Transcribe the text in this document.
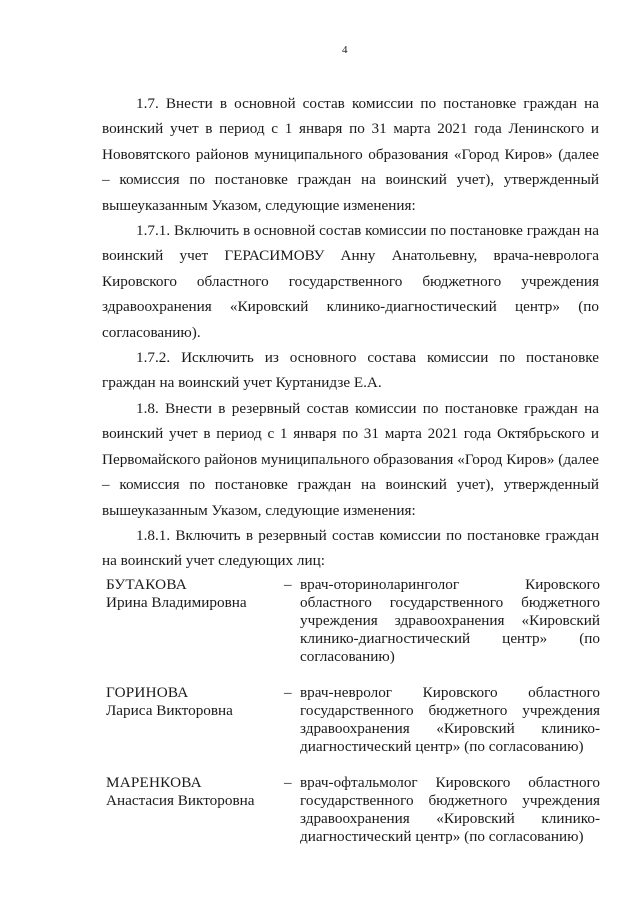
4

1.7. Внести в основной состав комиссии по постановке граждан на воинский учет в период с 1 января по 31 марта 2021 года Ленинского и Нововятского районов муниципального образования «Город Киров» (далее – комиссия по постановке граждан на воинский учет), утвержденный вышеуказанным Указом, следующие изменения:

1.7.1. Включить в основной состав комиссии по постановке граждан на воинский учет ГЕРАСИМОВУ Анну Анатольевну, врача-невролога Кировского областного государственного бюджетного учреждения здравоохранения «Кировский клинико-диагностический центр» (по согласованию).

1.7.2. Исключить из основного состава комиссии по постановке граждан на воинский учет Куртанидзе Е.А.

1.8. Внести в резервный состав комиссии по постановке граждан на воинский учет в период с 1 января по 31 марта 2021 года Октябрьского и Первомайского районов муниципального образования «Город Киров» (далее – комиссия по постановке граждан на воинский учет), утвержденный вышеуказанным Указом, следующие изменения:

1.8.1. Включить в резервный состав комиссии по постановке граждан на воинский учет следующих лиц:

БУТАКОВА
Ирина Владимировна
– врач-оториноларинголог Кировского областного государственного бюджетного учреждения здравоохранения «Кировский клинико-диагностический центр» (по согласованию)
ГОРИНОВА
Лариса Викторовна
– врач-невролог Кировского областного государственного бюджетного учреждения здравоохранения «Кировский клинико-диагностический центр» (по согласованию)
МАРЕНКОВА
Анастасия Викторовна
– врач-офтальмолог Кировского областного государственного бюджетного учреждения здравоохранения «Кировский клинико-диагностический центр» (по согласованию)
